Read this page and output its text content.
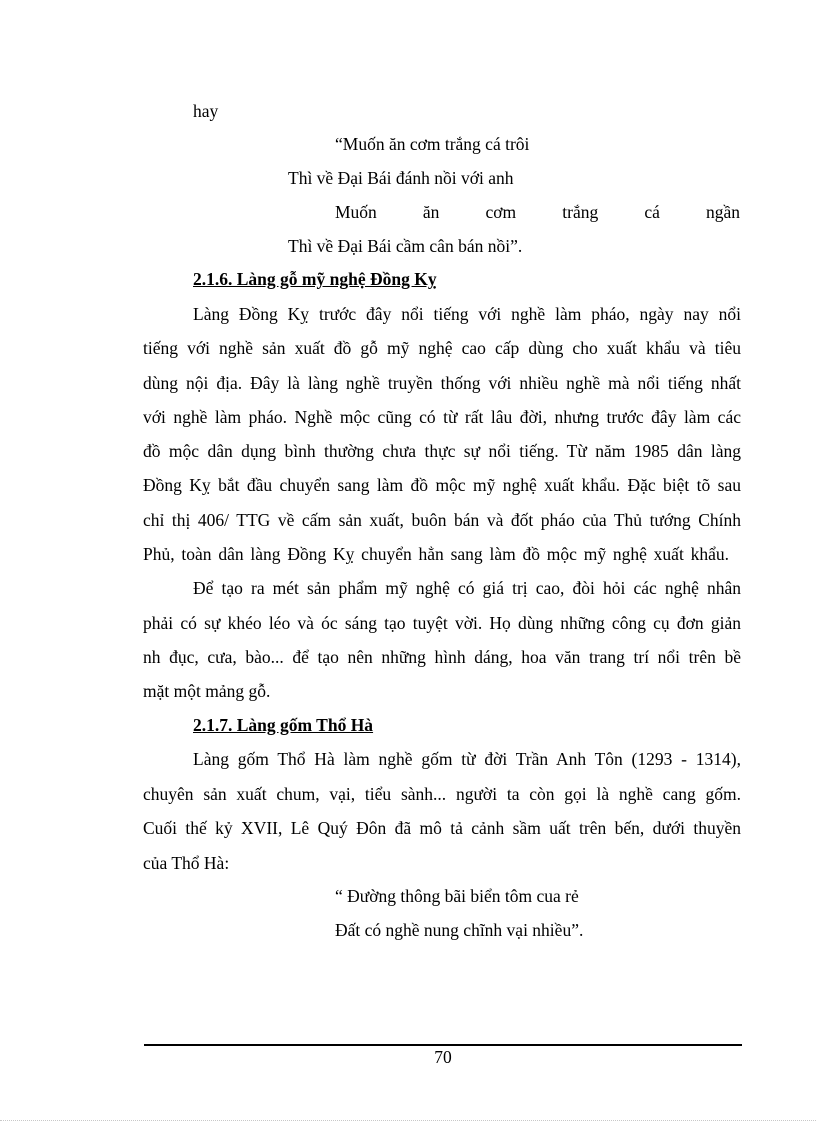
hay
“Muốn ăn cơm trắng cá trôi
Thì về Đại Bái đánh nồi với anh
Muốn ăn cơm trắng cá ngần
Thì về Đại Bái cầm cân bán nồi”.
2.1.6. Làng gỗ mỹ nghệ Đồng Kỵ
Làng Đồng Kỵ trước đây nổi tiếng với nghề làm pháo, ngày nay nổi
tiếng với nghề sản xuất đồ gỗ mỹ nghệ cao cấp dùng cho xuất khẩu và tiêu
dùng nội địa. Đây là làng nghề truyền thống với nhiều nghề mà nổi tiếng nhất
với nghề làm pháo. Nghề mộc cũng có từ rất lâu đời, nhưng trước đây làm các
đồ mộc dân dụng bình thường chưa thực sự nổi tiếng. Từ năm 1985 dân làng
Đồng Kỵ bắt đầu chuyển sang làm đồ mộc mỹ nghệ xuất khẩu. Đặc biệt tõ sau
chỉ thị 406/ TTG về cấm sản xuất, buôn bán và đốt pháo của Thủ tướng Chính
Phủ, toàn dân làng Đồng Kỵ chuyển hẳn sang làm đồ mộc mỹ nghệ xuất khẩu.
Để tạo ra mét sản phẩm mỹ nghệ có giá trị cao, đòi hỏi các nghệ nhân
phải có sự khéo léo và óc sáng tạo tuyệt vời. Họ dùng những công cụ đơn giản
nh đục, cưa, bào... để tạo nên những hình dáng, hoa văn trang trí nổi trên bề
mặt một mảng gỗ.
2.1.7. Làng gốm Thổ Hà
Làng gốm Thổ Hà làm nghề gốm từ đời Trần Anh Tôn (1293 - 1314),
chuyên sản xuất chum, vại, tiểu sành... người ta còn gọi là nghề cang gốm.
Cuối thế kỷ XVII, Lê Quý Đôn đã mô tả cảnh sầm uất trên bến, dưới thuyền
của Thổ Hà:
“ Đường thông bãi biển tôm cua rẻ
Đất có nghề nung chĩnh vại nhiều”.
70
